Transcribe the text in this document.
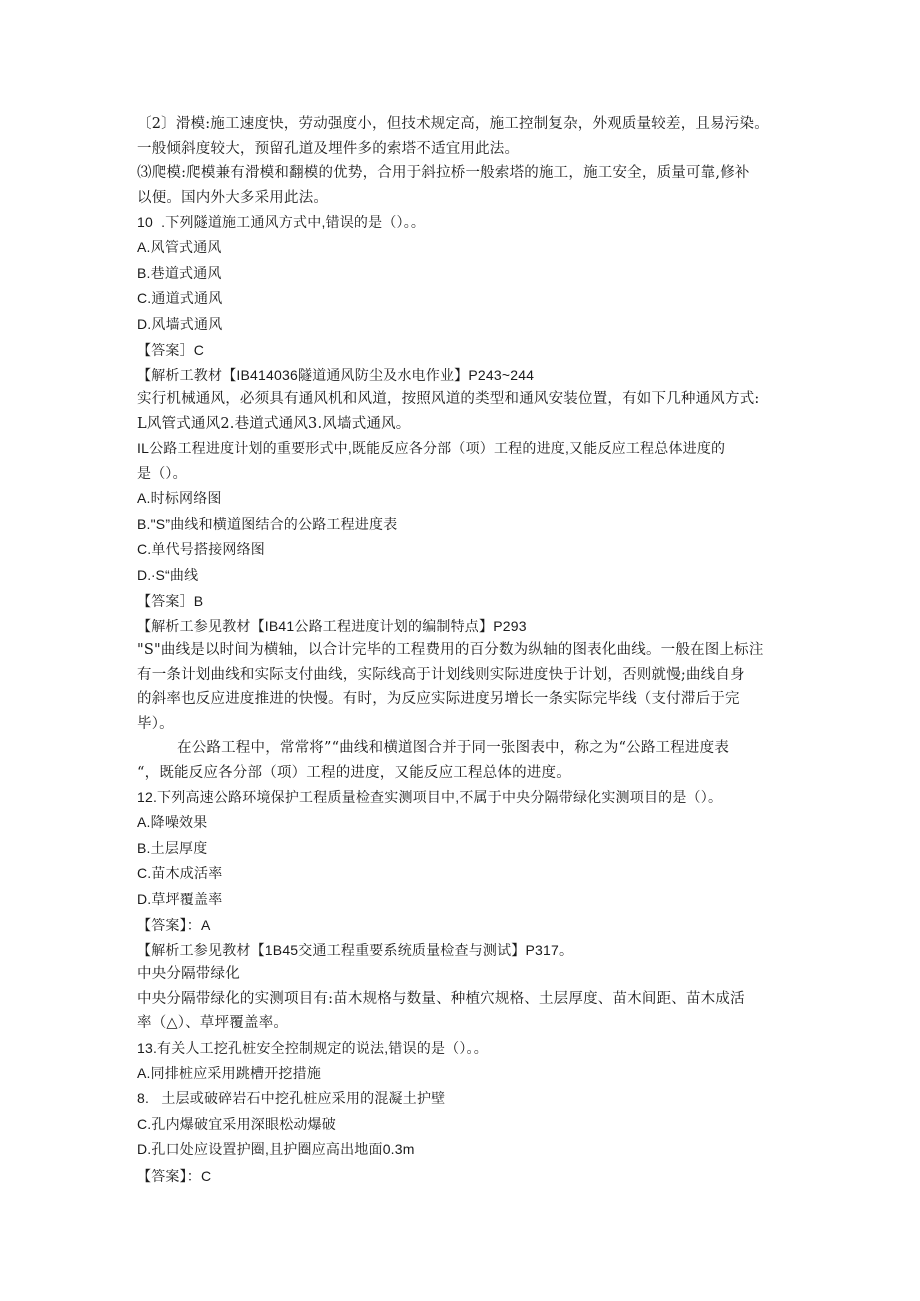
〔2〕滑模:施工速度快，劳动强度小，但技术规定高，施工控制复杂，外观质量较差，且易污染。
一般倾斜度较大，预留孔道及埋件多的索塔不适宜用此法。
⑶爬模:爬模兼有滑模和翻模的优势，合用于斜拉桥一般索塔的施工，施工安全，质量可靠,修补
以便。国内外大多采用此法。
10  .下列隧道施工通风方式中,错误的是（）。。
A.风管式通风
B.巷道式通风
C.通道式通风
D.风墙式通风
【答案］C
【解析工教材【IB414036隧道通风防尘及水电作业】P243~244
实行机械通风，必须具有通风机和风道，按照风道的类型和通风安装位置，有如下几种通风方式:
L风管式通风2.巷道式通风3.风墙式通风。
IL公路工程进度计划的重要形式中,既能反应各分部（项）工程的进度,又能反应工程总体进度的
是（）。
A.时标网络图
B."S”曲线和横道图结合的公路工程进度表
C.单代号搭接网络图
D.∙S“曲线
【答案］B
【解析工参见教材【IB41公路工程进度计划的编制特点】P293
"S"曲线是以时间为横轴，以合计完毕的工程费用的百分数为纵轴的图表化曲线。一般在图上标注
有一条计划曲线和实际支付曲线，实际线高于计划线则实际进度快于计划，否则就慢;曲线自身
的斜率也反应进度推进的快慢。有时，为反应实际进度另增长一条实际完毕线（支付滞后于完
毕）。
在公路工程中，常常将”“曲线和横道图合并于同一张图表中，称之为“公路工程进度表
“，既能反应各分部（项）工程的进度，又能反应工程总体的进度。
12.下列高速公路环境保护工程质量检查实测项目中,不属于中央分隔带绿化实测项目的是（）。
A.降噪效果
B.土层厚度
C.苗木成活率
D.草坪覆盖率
【答案】：A
【解析工参见教材【1B45交通工程重要系统质量检查与测试】P317。
中央分隔带绿化
中央分隔带绿化的实测项目有:苗木规格与数量、种植穴规格、土层厚度、苗木间距、苗木成活
率（△）、草坪覆盖率。
13.有关人工挖孔桩安全控制规定的说法,错误的是（）。。
A.同排桩应采用跳槽开挖措施
8.   土层或破碎岩石中挖孔桩应采用的混凝土护壁
C.孔内爆破宜采用深眼松动爆破
D.孔口处应设置护圈,且护圈应高出地面0.3m
【答案】：C
